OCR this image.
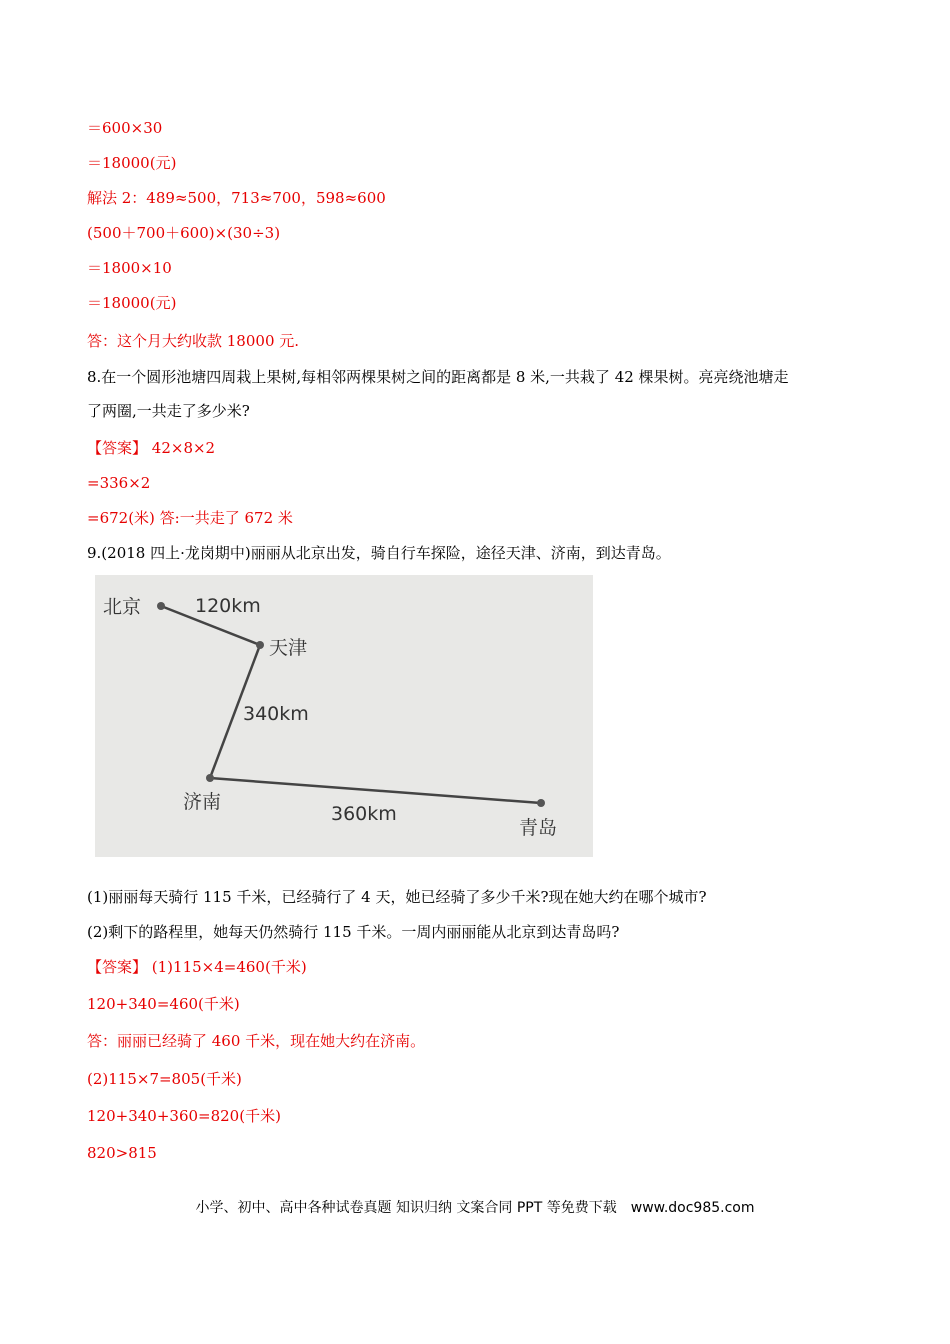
＝600×30
＝18000(元)
解法 2：489≈500，713≈700，598≈600
(500＋700＋600)×(30÷3)
＝1800×10
＝18000(元)
答：这个月大约收款 18000 元.
8.在一个圆形池塘四周栽上果树,每相邻两棵果树之间的距离都是 8 米,一共栽了 42 棵果树。亮亮绕池塘走
了两圈,一共走了多少米?
【答案】 42×8×2
=336×2
=672(米) 答:一共走了 672 米
9.(2018 四上·龙岗期中)丽丽从北京出发，骑自行车探险，途径天津、济南，到达青岛。
北京	120km
天津
340km
济南
360km
青岛
(1)丽丽每天骑行 115 千米，已经骑行了 4 天，她已经骑了多少千米?现在她大约在哪个城市?
(2)剩下的路程里，她每天仍然骑行 115 千米。一周内丽丽能从北京到达青岛吗?
【答案】 (1)115×4=460(千米)
120+340=460(千米)
答：丽丽已经骑了 460 千米，现在她大约在济南。
(2)115×7=805(千米)
120+340+360=820(千米)
820>815
小学、初中、高中各种试卷真题 知识归纳 文案合同 PPT 等免费下载 www.doc985.com
